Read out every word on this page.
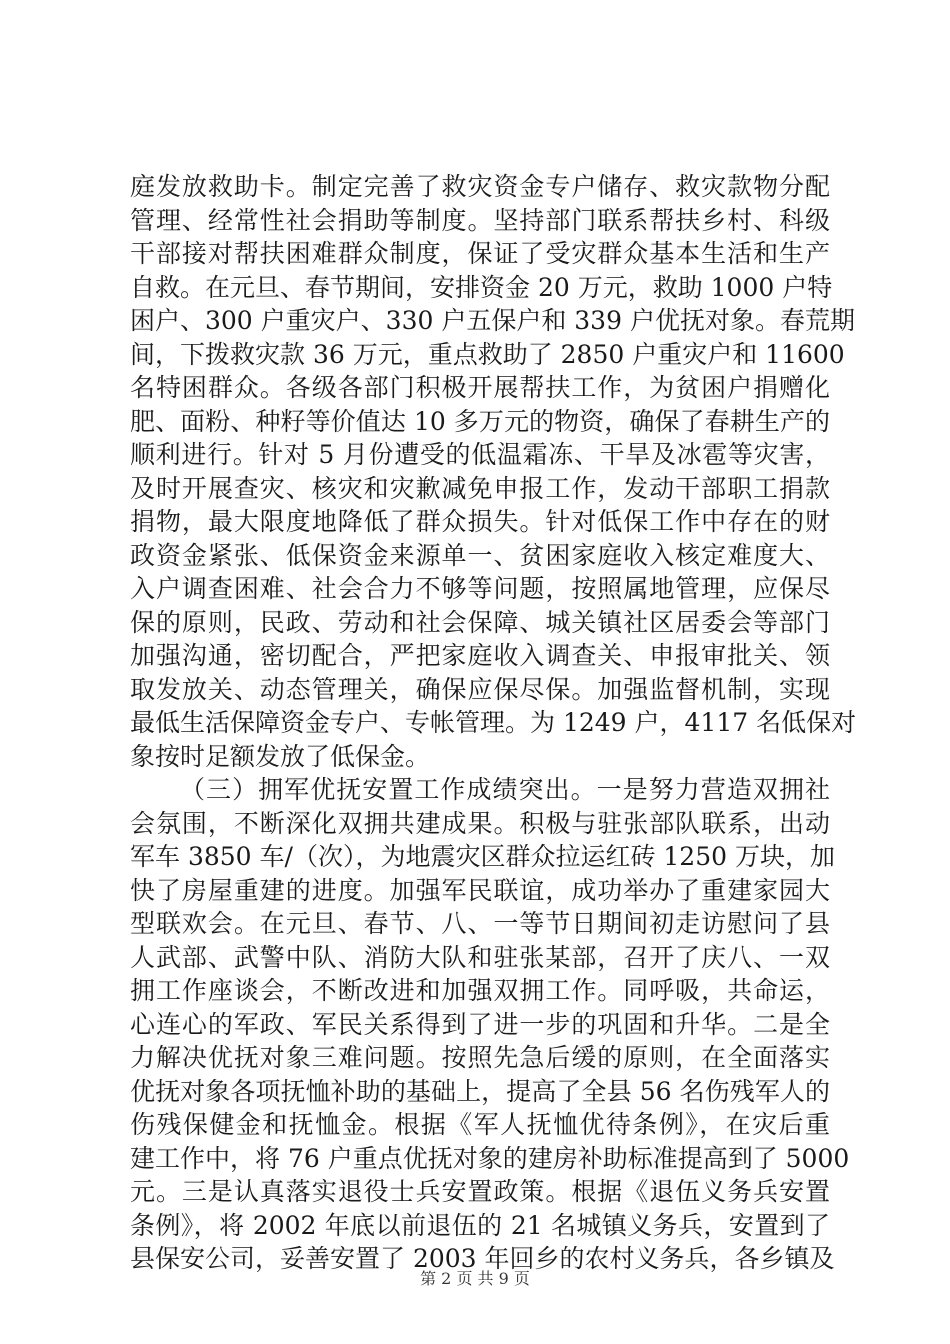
庭发放救助卡。制定完善了救灾资金专户储存、救灾款物分配
管理、经常性社会捐助等制度。坚持部门联系帮扶乡村、科级
干部接对帮扶困难群众制度，保证了受灾群众基本生活和生产
自救。在元旦、春节期间，安排资金 20 万元，救助 1000 户特
困户、300 户重灾户、330 户五保户和 339 户优抚对象。春荒期
间，下拨救灾款 36 万元，重点救助了 2850 户重灾户和 11600
名特困群众。各级各部门积极开展帮扶工作，为贫困户捐赠化
肥、面粉、种籽等价值达 10 多万元的物资，确保了春耕生产的
顺利进行。针对 5 月份遭受的低温霜冻、干旱及冰雹等灾害，
及时开展查灾、核灾和灾歉减免申报工作，发动干部职工捐款
捐物，最大限度地降低了群众损失。针对低保工作中存在的财
政资金紧张、低保资金来源单一、贫困家庭收入核定难度大、
入户调查困难、社会合力不够等问题，按照属地管理，应保尽
保的原则，民政、劳动和社会保障、城关镇社区居委会等部门
加强沟通，密切配合，严把家庭收入调查关、申报审批关、领
取发放关、动态管理关，确保应保尽保。加强监督机制，实现
最低生活保障资金专户、专帐管理。为 1249 户，4117 名低保对
象按时足额发放了低保金。
（三）拥军优抚安置工作成绩突出。一是努力营造双拥社
会氛围，不断深化双拥共建成果。积极与驻张部队联系，出动
军车 3850 车/（次），为地震灾区群众拉运红砖 1250 万块，加
快了房屋重建的进度。加强军民联谊，成功举办了重建家园大
型联欢会。在元旦、春节、八、一等节日期间初走访慰问了县
人武部、武警中队、消防大队和驻张某部，召开了庆八、一双
拥工作座谈会，不断改进和加强双拥工作。同呼吸，共命运，
心连心的军政、军民关系得到了进一步的巩固和升华。二是全
力解决优抚对象三难问题。按照先急后缓的原则，在全面落实
优抚对象各项抚恤补助的基础上，提高了全县 56 名伤残军人的
伤残保健金和抚恤金。根据《军人抚恤优待条例》，在灾后重
建工作中，将 76 户重点优抚对象的建房补助标准提高到了 5000
元。三是认真落实退役士兵安置政策。根据《退伍义务兵安置
条例》，将 2002 年底以前退伍的 21 名城镇义务兵，安置到了
县保安公司，妥善安置了 2003 年回乡的农村义务兵，各乡镇及
第 2 页 共 9 页
